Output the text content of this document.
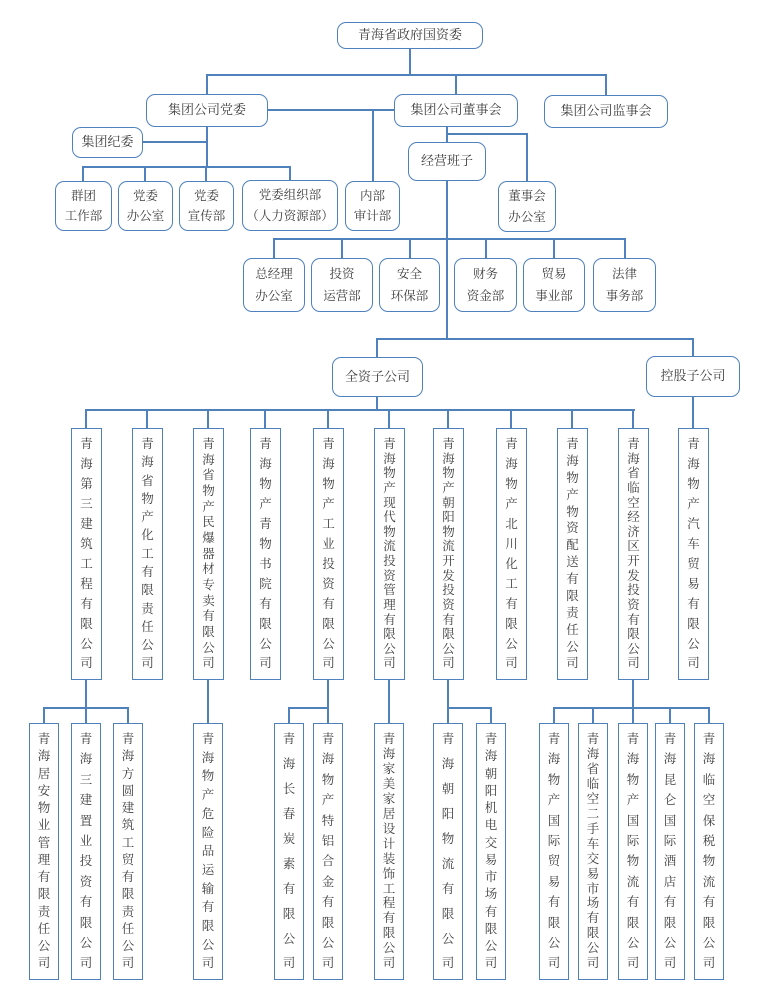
青海省政府国资委
集团公司党委	集团公司董事会	集团公司监事会
集团纪委
经营班子
群团
工作部
党委
办公室
党委
宣传部
党委组织部
（人力资源部）
内部
审计部
董事会
办公室
总经理
办公室
投资
运营部
安全
环保部
财务
资金部
贸易
事业部
法律
事务部
全资子公司	控股子公司
青
海
第
三
建
筑
工
程
有
限
公
司
青
海
省
物
产
化
工
有
限
责
任
公
司
青
海
省
物
产
民
爆
器
材
专
卖
有
限
公
司
青
海
物
产
青
物
书
院
有
限
公
司
青
海
物
产
工
业
投
资
有
限
公
司
青
海
物
产
现
代
物
流
投
资
管
理
有
限
公
司
青
海
物
产
朝
阳
物
流
开
发
投
资
有
限
公
司
青
海
物
产
北
川
化
工
有
限
公
司
青
海
物
产
物
资
配
送
有
限
责
任
公
司
青
海
省
临
空
经
济
区
开
发
投
资
有
限
公
司
青
海
物
产
汽
车
贸
易
有
限
公
司
青
海
居
安
物
业
管
理
有
限
责
任
公
司
青
海
三
建
置
业
投
资
有
限
公
司
青
海
方
圆
建
筑
工
贸
有
限
责
任
公
司
青
海
物
产
危
险
品
运
输
有
限
公
司
青
海
长
春
炭
素
有
限
公
司
青
海
物
产
特
铝
合
金
有
限
公
司
青
海
家
美
家
居
设
计
装
饰
工
程
有
限
公
司
青
海
朝
阳
物
流
有
限
公
司
青
海
朝
阳
机
电
交
易
市
场
有
限
公
司
青
海
物
产
国
际
贸
易
有
限
公
司
青
海
省
临
空
二
手
车
交
易
市
场
有
限
公
司
青
海
物
产
国
际
物
流
有
限
公
司
青
海
昆
仑
国
际
酒
店
有
限
公
司
青
海
临
空
保
税
物
流
有
限
公
司
